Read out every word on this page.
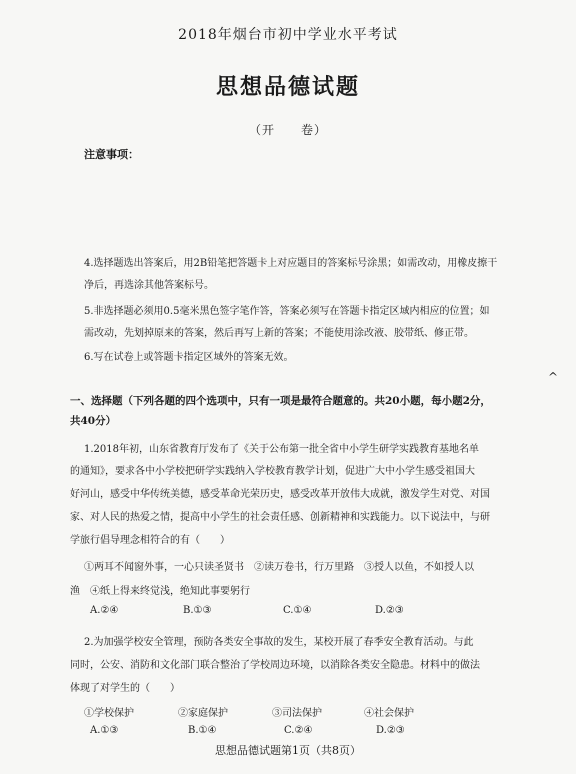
2018年烟台市初中学业水平考试
思想品德试题
（开　　卷）
注意事项：
4.选择题选出答案后，用2B铅笔把答题卡上对应题目的答案标号涂黑；如需改动，用橡皮擦干
净后，再选涂其他答案标号。
5.非选择题必须用0.5毫米黑色签字笔作答，答案必须写在答题卡指定区域内相应的位置；如
需改动，先划掉原来的答案，然后再写上新的答案；不能使用涂改液、胶带纸、修正带。
6.写在试卷上或答题卡指定区域外的答案无效。
^
一、选择题（下列各题的四个选项中，只有一项是最符合题意的。共20小题，每小题2分，
共40分）
1.2018年初，山东省教育厅发布了《关于公布第一批全省中小学生研学实践教育基地名单
的通知》，要求各中小学校把研学实践纳入学校教育教学计划，促进广大中小学生感受祖国大
好河山，感受中华传统美德，感受革命光荣历史，感受改革开放伟大成就，激发学生对党、对国
家、对人民的热爱之情，提高中小学生的社会责任感、创新精神和实践能力。以下说法中，与研
学旅行倡导理念相符合的有（　　）
①两耳不闻窗外事，一心只读圣贤书　②读万卷书，行万里路　③授人以鱼，不如授人以
渔　④纸上得来终觉浅，绝知此事要躬行
A.②④	B.①③	C.①④	D.②③
2.为加强学校安全管理，预防各类安全事故的发生，某校开展了春季安全教育活动。与此
同时，公安、消防和文化部门联合整治了学校周边环境，以消除各类安全隐患。材料中的做法
体现了对学生的（　　）
①学校保护	②家庭保护	③司法保护	④社会保护
A.①③	B.①④	C.②④	D.②③
思想品德试题第1页（共8页）
